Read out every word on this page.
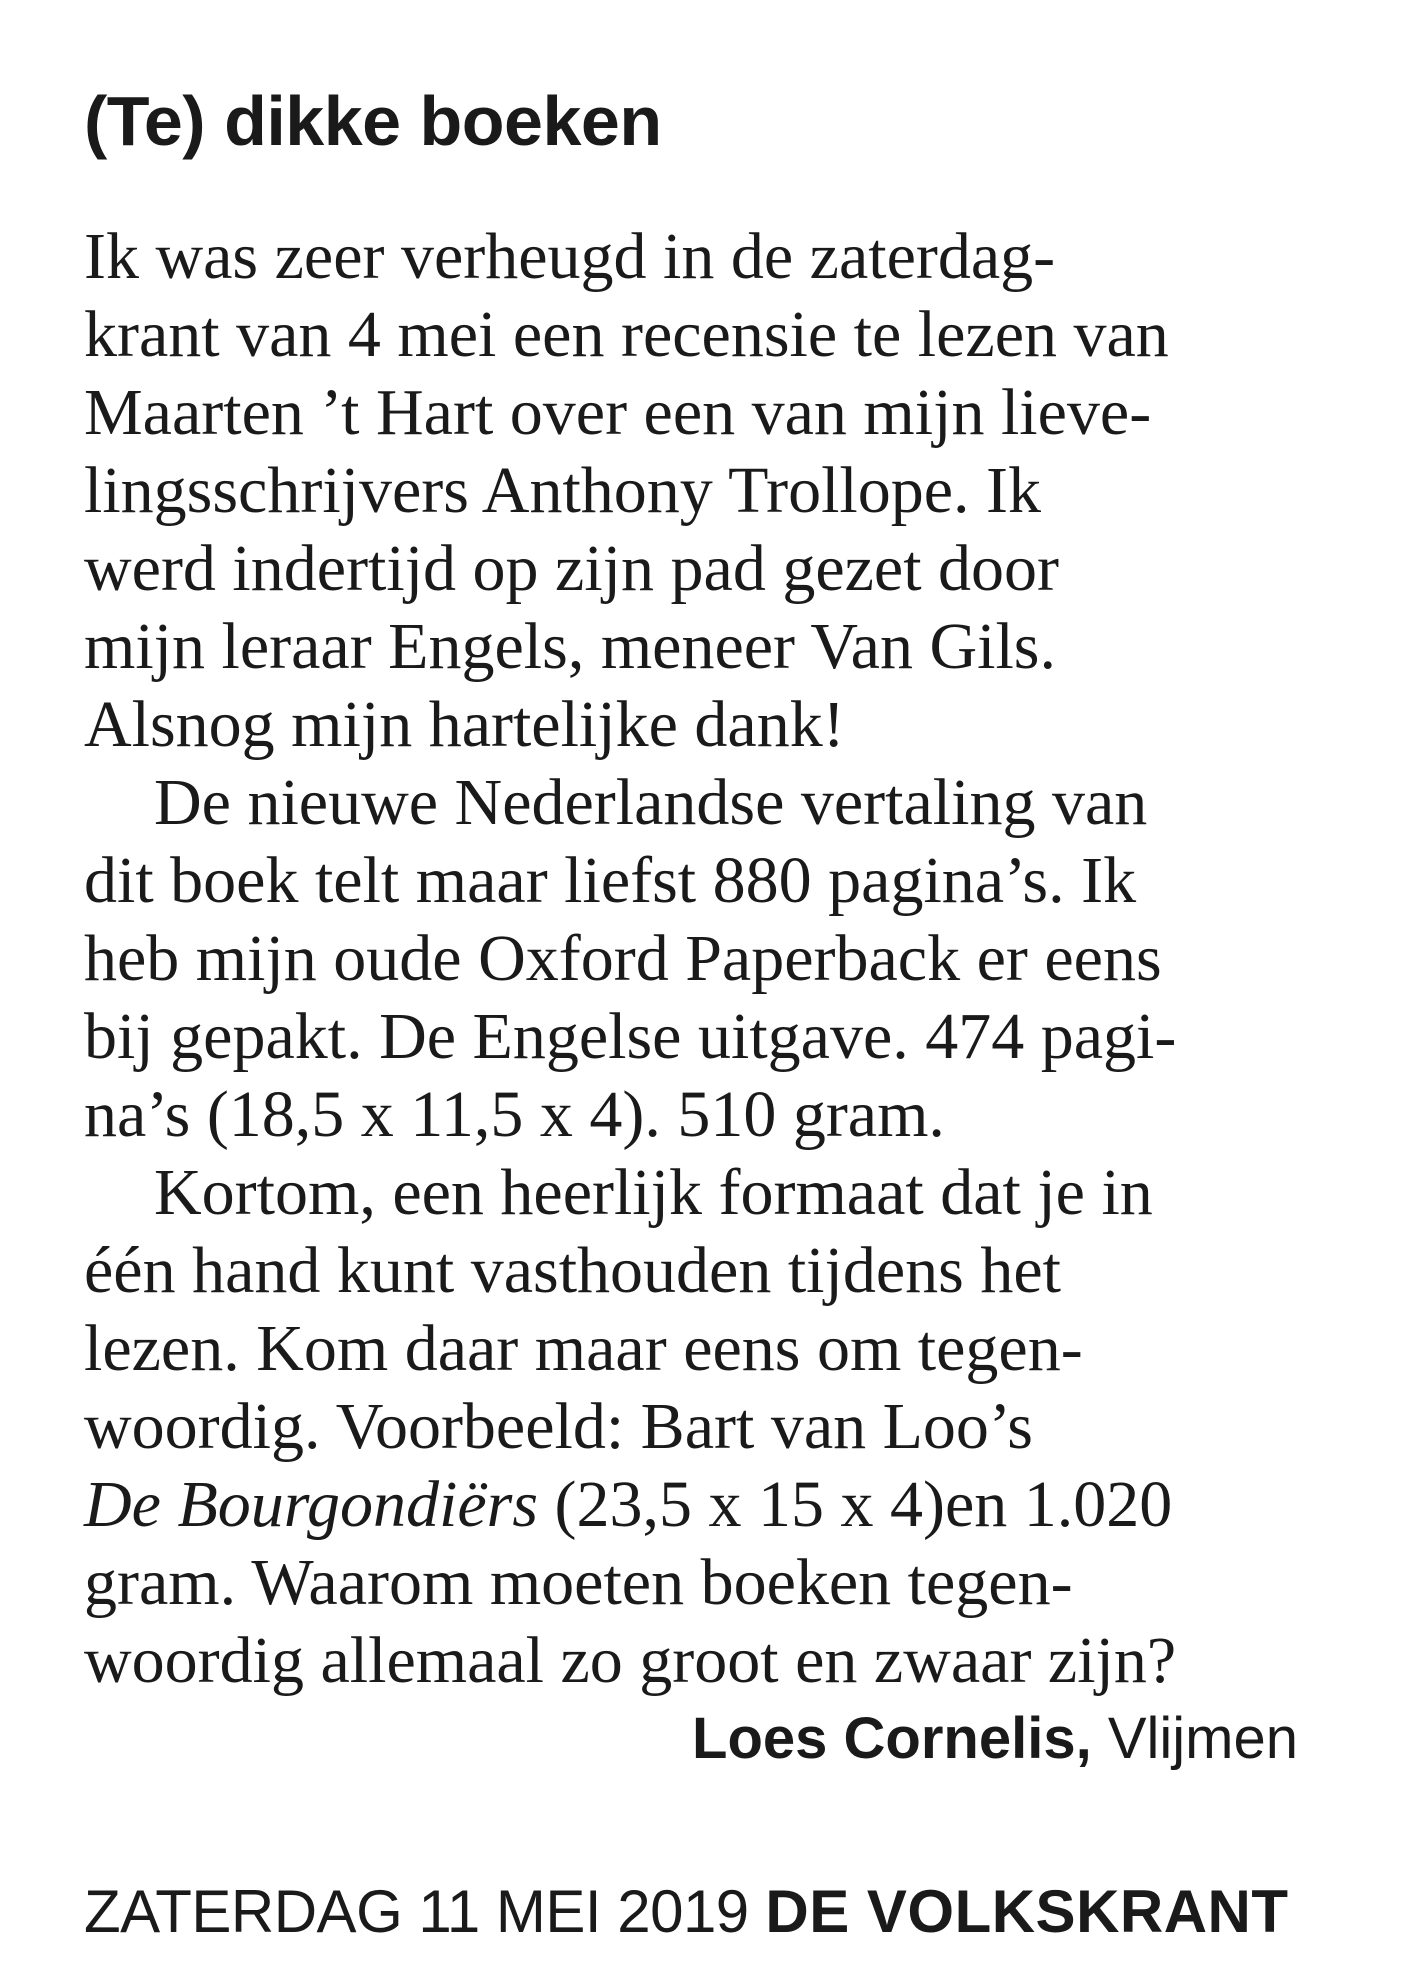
(Te) dikke boeken
Ik was zeer verheugd in de zaterdag-
krant van 4 mei een recensie te lezen van
Maarten ’t Hart over een van mijn lieve-
lingsschrijvers Anthony Trollope. Ik
werd indertijd op zijn pad gezet door
mijn leraar Engels, meneer Van Gils.
Alsnog mijn hartelijke dank!
De nieuwe Nederlandse vertaling van
dit boek telt maar liefst 880 pagina’s. Ik
heb mijn oude Oxford Paperback er eens
bij gepakt. De Engelse uitgave. 474 pagi-
na’s (18,5 x 11,5 x 4). 510 gram.
Kortom, een heerlijk formaat dat je in
één hand kunt vasthouden tijdens het
lezen. Kom daar maar eens om tegen-
woordig. Voorbeeld: Bart van Loo’s
De Bourgondiërs (23,5 x 15 x 4)en 1.020
gram. Waarom moeten boeken tegen-
woordig allemaal zo groot en zwaar zijn?
Loes Cornelis, Vlijmen
ZATERDAG 11 MEI 2019 DE VOLKSKRANT
